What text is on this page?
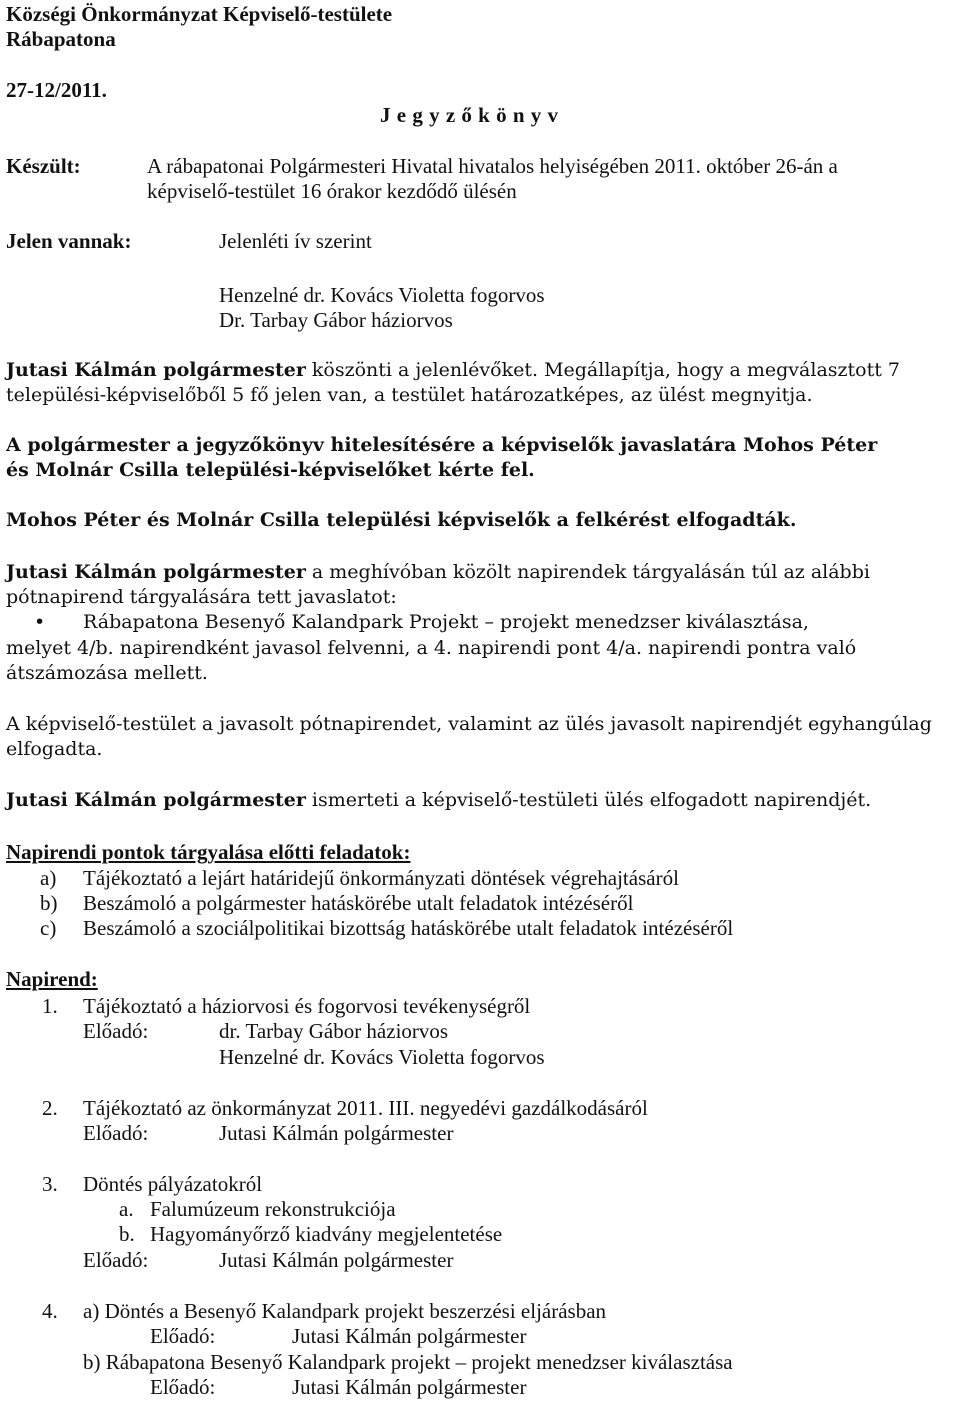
Községi Önkormányzat Képviselő-testülete
Rábapatona
27-12/2011.
J e g y z ő k ö n y v
Készült:	A rábapatonai Polgármesteri Hivatal hivatalos helyiségében 2011. október 26-án a
képviselő-testület 16 órakor kezdődő ülésén
Jelen vannak:	Jelenléti ív szerint
Henzelné dr. Kovács Violetta fogorvos
Dr. Tarbay Gábor háziorvos
Jutasi Kálmán polgármester köszönti a jelenlévőket. Megállapítja, hogy a megválasztott 7
települési-képviselőből 5 fő jelen van, a testület határozatképes, az ülést megnyitja.
A polgármester a jegyzőkönyv hitelesítésére a képviselők javaslatára Mohos Péter
és Molnár Csilla települési-képviselőket kérte fel.
Mohos Péter és Molnár Csilla települési képviselők a felkérést elfogadták.
Jutasi Kálmán polgármester a meghívóban közölt napirendek tárgyalásán túl az alábbi
pótnapirend tárgyalására tett javaslatot:
• Rábapatona Besenyő Kalandpark Projekt – projekt menedzser kiválasztása,
melyet 4/b. napirendként javasol felvenni, a 4. napirendi pont 4/a. napirendi pontra való
átszámozása mellett.
A képviselő-testület a javasolt pótnapirendet, valamint az ülés javasolt napirendjét egyhangúlag
elfogadta.
Jutasi Kálmán polgármester ismerteti a képviselő-testületi ülés elfogadott napirendjét.
Napirendi pontok tárgyalása előtti feladatok:
a) Tájékoztató a lejárt határidejű önkormányzati döntések végrehajtásáról
b) Beszámoló a polgármester hatáskörébe utalt feladatok intézéséről
c) Beszámoló a szociálpolitikai bizottság hatáskörébe utalt feladatok intézéséről
Napirend:
1. Tájékoztató a háziorvosi és fogorvosi tevékenységről
Előadó:	dr. Tarbay Gábor háziorvos
Henzelné dr. Kovács Violetta fogorvos
2. Tájékoztató az önkormányzat 2011. III. negyedévi gazdálkodásáról
Előadó:	Jutasi Kálmán polgármester
3. Döntés pályázatokról
a. Falumúzeum rekonstrukciója
b. Hagyományőrző kiadvány megjelentetése
Előadó:	Jutasi Kálmán polgármester
4. a) Döntés a Besenyő Kalandpark projekt beszerzési eljárásban
Előadó:	Jutasi Kálmán polgármester
b) Rábapatona Besenyő Kalandpark projekt – projekt menedzser kiválasztása
Előadó:	Jutasi Kálmán polgármester
